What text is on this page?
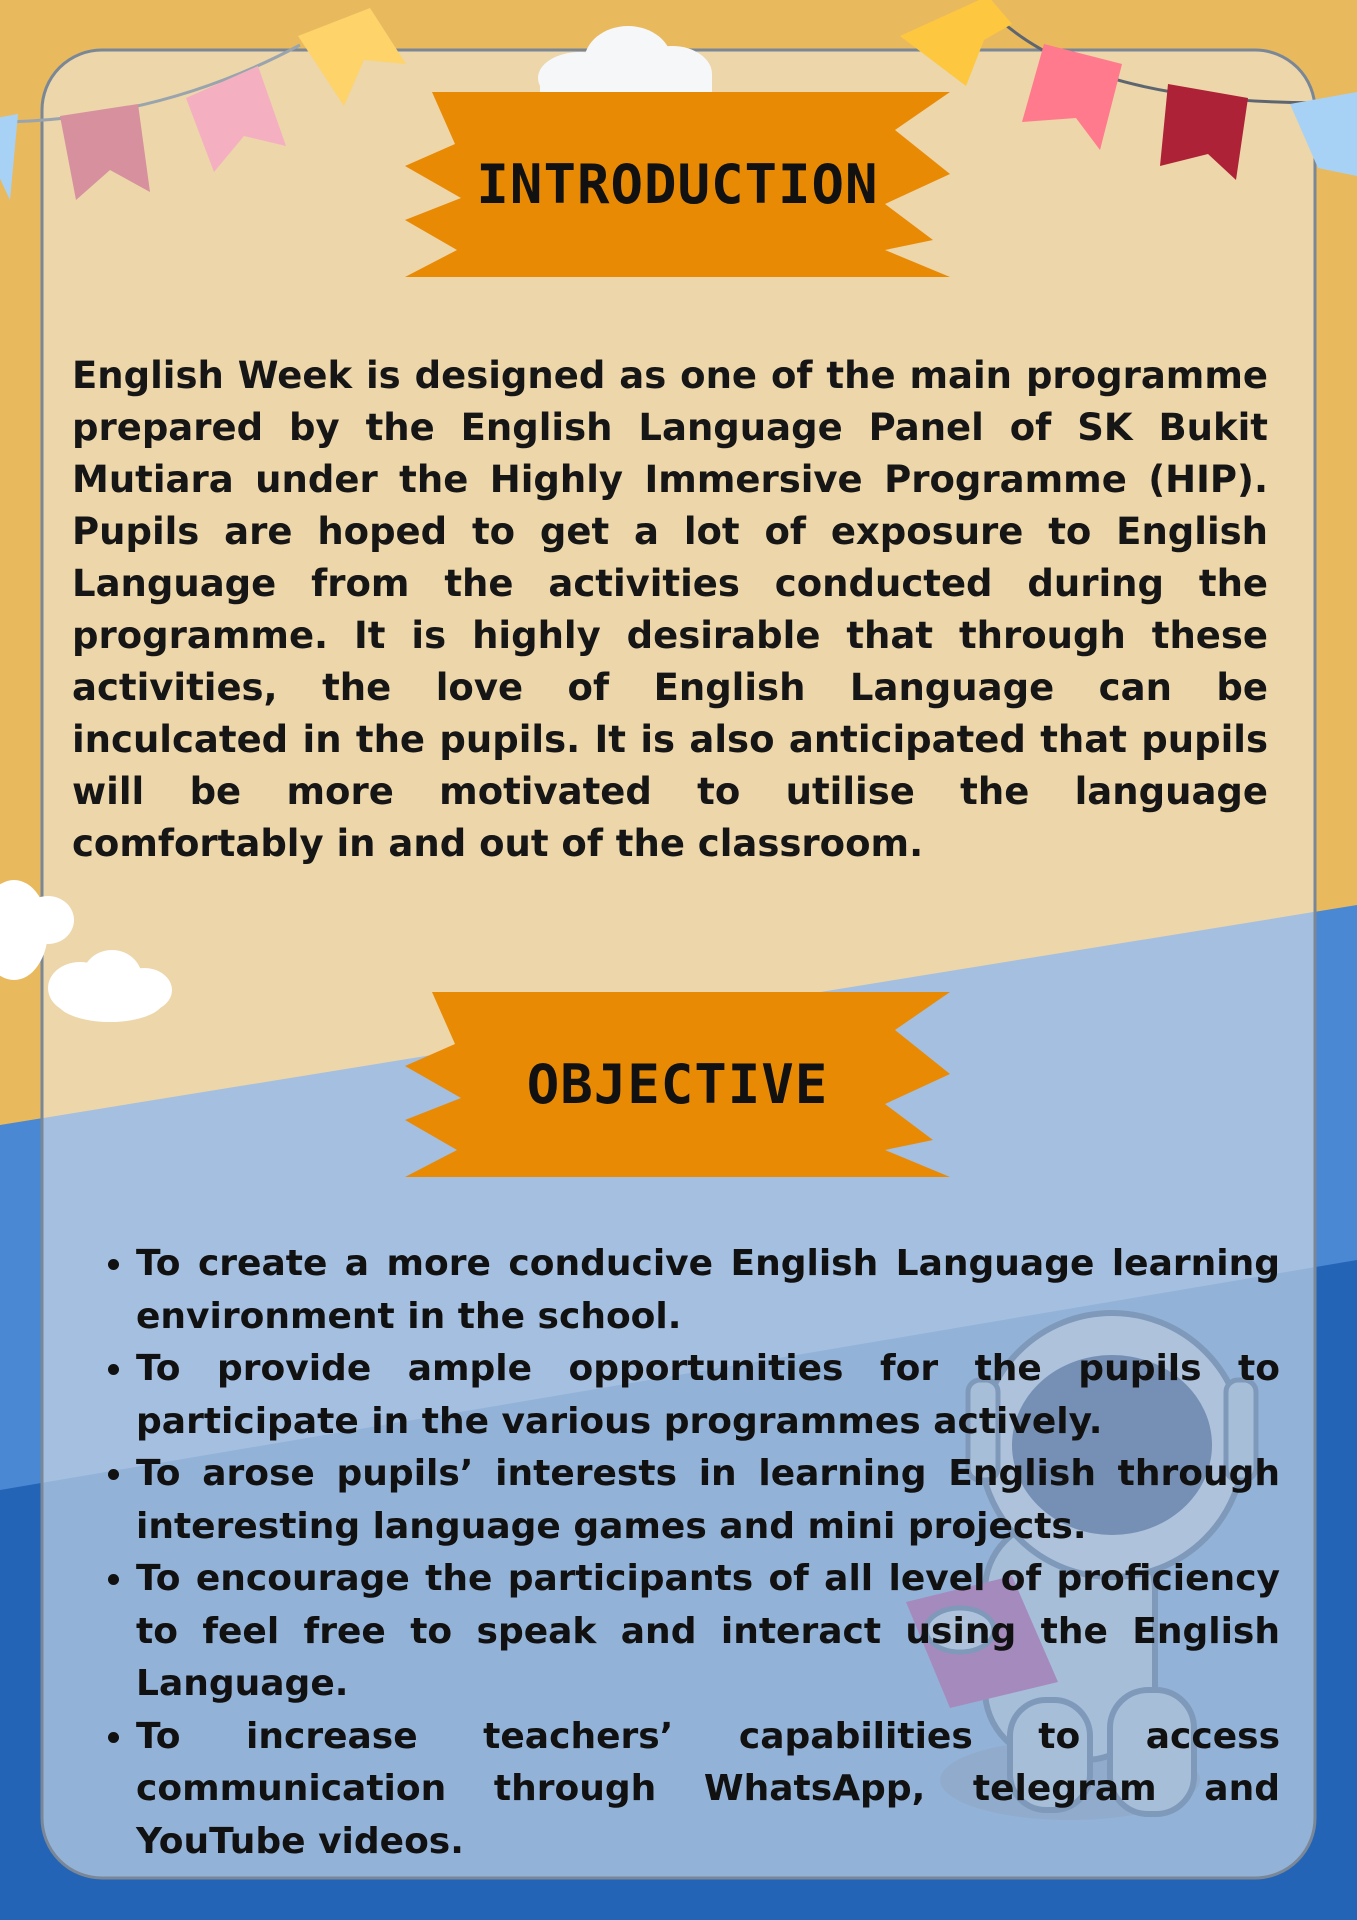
INTRODUCTION

English Week is designed as one of the main programme prepared by the English Language Panel of SK Bukit Mutiara under the Highly Immersive Programme (HIP). Pupils are hoped to get a lot of exposure to English Language from the activities conducted during the programme. It is highly desirable that through these activities, the love of English Language can be inculcated in the pupils. It is also anticipated that pupils will be more motivated to utilise the language comfortably in and out of the classroom.

OBJECTIVE
• To create a more conducive English Language learning environment in the school.
• To provide ample opportunities for the pupils to participate in the various programmes actively.
• To arose pupils’ interests in learning English through interesting language games and mini projects.
• To encourage the participants of all level of proficiency to feel free to speak and interact using the English Language.
• To increase teachers’ capabilities to access communication through WhatsApp, telegram and YouTube videos.
